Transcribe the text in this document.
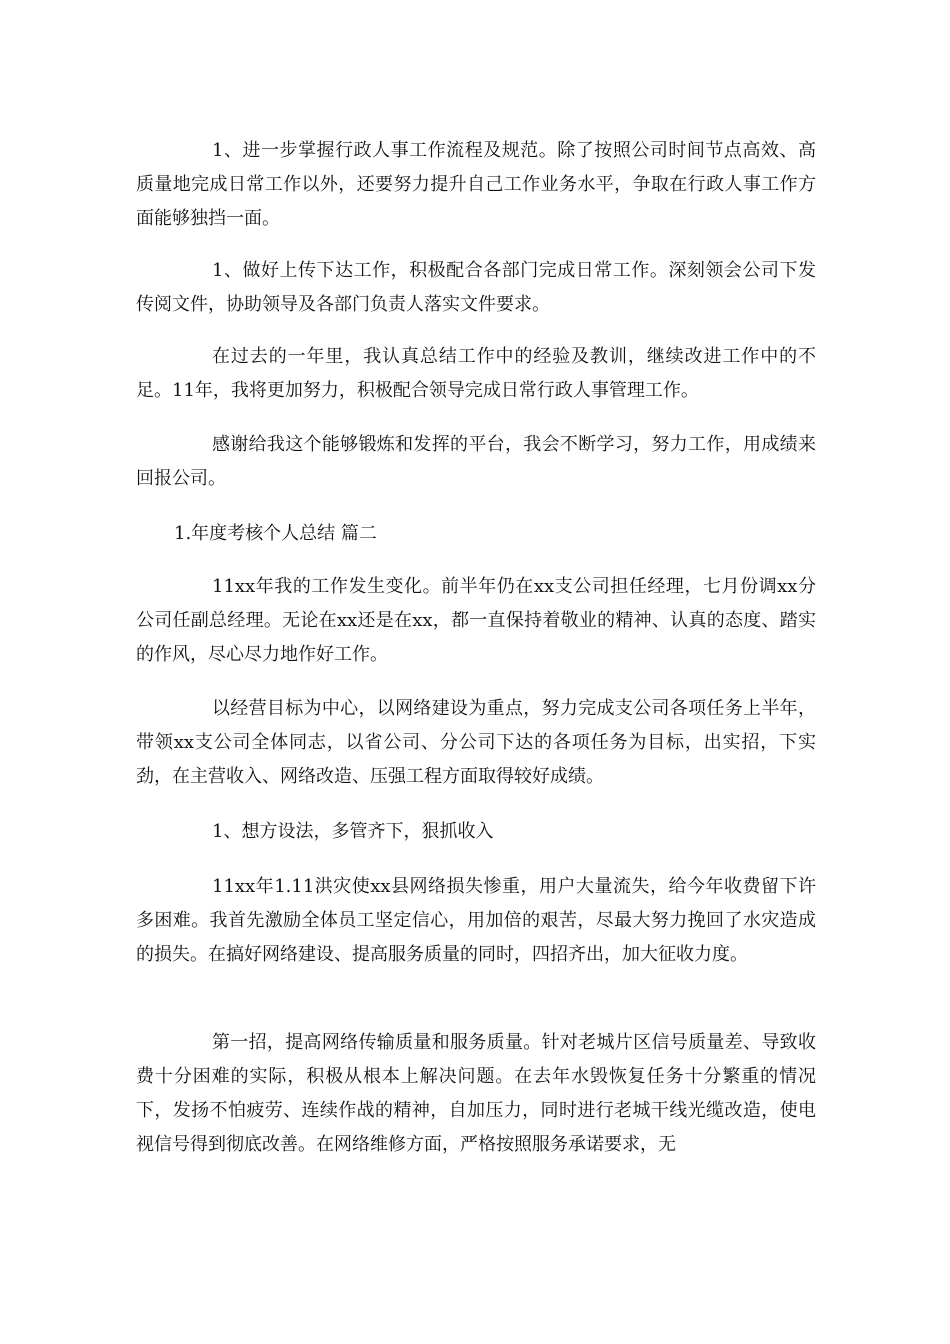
1、进一步掌握行政人事工作流程及规范。除了按照公司时间节点高效、高质量地完成日常工作以外，还要努力提升自己工作业务水平，争取在行政人事工作方面能够独挡一面。

1、做好上传下达工作，积极配合各部门完成日常工作。深刻领会公司下发传阅文件，协助领导及各部门负责人落实文件要求。

在过去的一年里，我认真总结工作中的经验及教训，继续改进工作中的不足。11年，我将更加努力，积极配合领导完成日常行政人事管理工作。

感谢给我这个能够锻炼和发挥的平台，我会不断学习，努力工作，用成绩来回报公司。

1.年度考核个人总结 篇二

11xx年我的工作发生变化。前半年仍在xx支公司担任经理，七月份调xx分公司任副总经理。无论在xx还是在xx，都一直保持着敬业的精神、认真的态度、踏实的作风，尽心尽力地作好工作。

以经营目标为中心，以网络建设为重点，努力完成支公司各项任务上半年，带领xx支公司全体同志，以省公司、分公司下达的各项任务为目标，出实招，下实劲，在主营收入、网络改造、压强工程方面取得较好成绩。

1、想方设法，多管齐下，狠抓收入

11xx年1.11洪灾使xx县网络损失惨重，用户大量流失，给今年收费留下许多困难。我首先激励全体员工坚定信心，用加倍的艰苦，尽最大努力挽回了水灾造成的损失。在搞好网络建设、提高服务质量的同时，四招齐出，加大征收力度。

第一招，提高网络传输质量和服务质量。针对老城片区信号质量差、导致收费十分困难的实际，积极从根本上解决问题。在去年水毁恢复任务十分繁重的情况下，发扬不怕疲劳、连续作战的精神，自加压力，同时进行老城干线光缆改造，使电视信号得到彻底改善。在网络维修方面，严格按照服务承诺要求，无
